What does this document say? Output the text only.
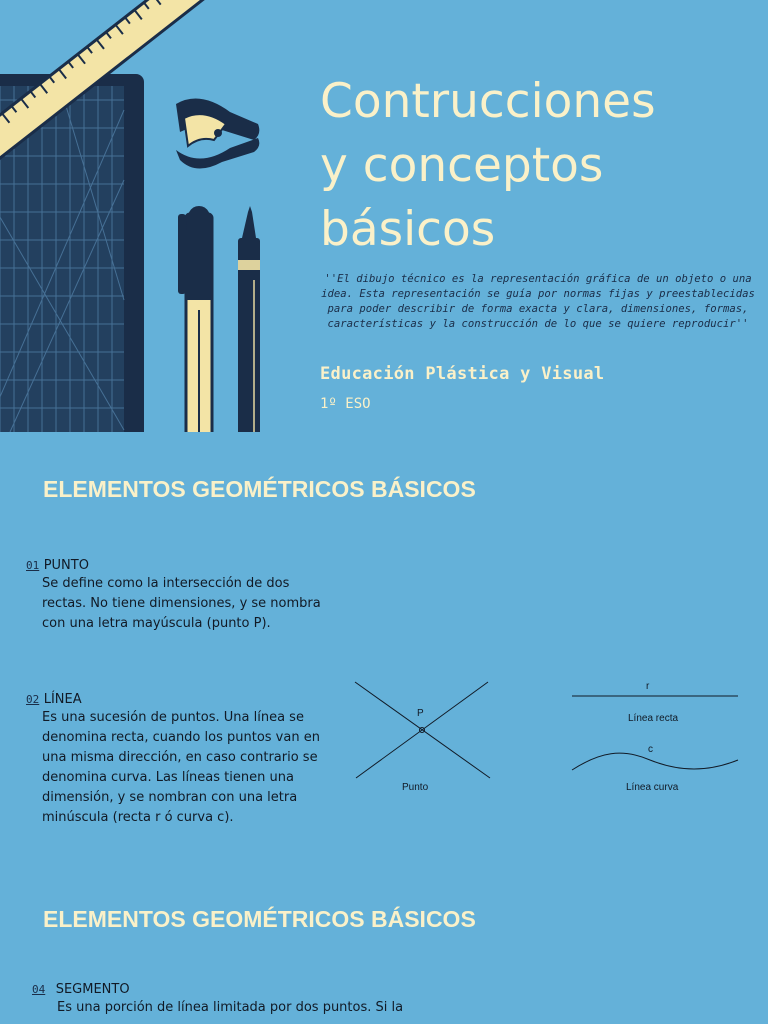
Contrucciones
y conceptos
básicos

''El dibujo técnico es la representación gráfica de un objeto o una
idea. Esta representación se guía por normas fijas y preestablecidas
para poder describir de forma exacta y clara, dimensiones, formas,
características y la construcción de lo que se quiere reproducir''

Educación Plástica y Visual
1º ESO
ELEMENTOS GEOMÉTRICOS BÁSICOS
01 PUNTO

Se define como la intersección de dos
rectas. No tiene dimensiones, y se nombra
con una letra mayúscula (punto P).

02 LÍNEA

Es una sucesión de puntos. Una línea se
denomina recta, cuando los puntos van en
una misma dirección, en caso contrario se
denomina curva. Las líneas tienen una
dimensión, y se nombran con una letra
minúscula (recta r ó curva c).

P
Punto
r
Línea recta
c
Línea curva
ELEMENTOS GEOMÉTRICOS BÁSICOS
04 SEGMENTO

Es una porción de línea limitada por dos puntos. Si la
